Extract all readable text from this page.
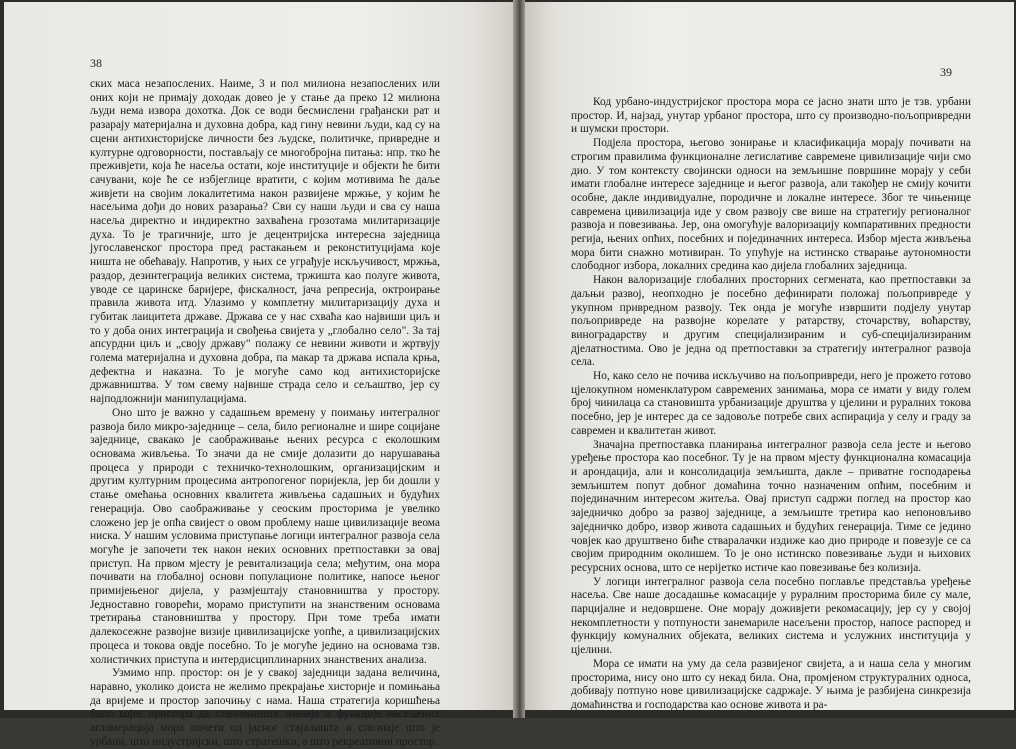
38

ских маса незапослених. Наиме, 3 и пол милиона незапослених или оних који не примају доходак довео је у стање да преко 12 милиона људи нема извора дохотка. Док се води бесмислени грађански рат и разарају материјална и духовна добра, кад гину невини људи, кад су на сцени антихисторијске личности без људске, политичке, привредне и културне одговорности, постављају се многобројна питања: нпр. тко ће преживјети, која ће насеља остати, које институције и објекти ће бити сачувани, које ће се избјеглице вратити, с којим мотивима ће даље живјети на својим локалитетима након развијене мржње, у којим ће насељима дођи до нових разарања? Сви су наши људи и сва су наша насеља директно и индиректно захваћена грозотама милитаризације духа. То је трагичније, што је децентријска интересна заједница југославенског простора пред растакањем и реконституцијама које ништа не обећавају. Напротив, у њих се уграђује искључивост, мржња, раздор, дезинтеграција великих система, тржишта као полуге живота, уводе се царинске баријере, фискалност, јача репресија, октроирање правила живота итд. Улазимо у комплетну милитаризацију духа и губитак лаицитета државе. Држава се у нас схваћа као највиши циљ и то у доба оних интеграција и свођења свијета у „глобално село". За тај апсурдни циљ и „своју државу" полажу се невини животи и жртвују голема материјална и духовна добра, па макар та држава испала крња, дефектна и наказна. То је могуће само код антихисторијске државништва. У том свему највише страда село и сељаштво, јер су најподложнији манипулацијама.

Оно што је важно у садашњем времену у поимању интегралног развоја било микро-заједнице – села, било регионалне и шире социјане заједнице, свакако је саображивање њених ресурса с еколошким основама живљења. То значи да не смије долазити до нарушавања процеса у природи с техничко-технолошким, организацијским и другим културним процесима антропогеног поријекла, јер би дошли у стање омећања основних квалитета живљења садашњих и будућих генерација. Ово саображивање у сеоским просторима је увелико сложено јер је опћа свијест о овом проблему наше цивилизације веома ниска. У нашим условима приступање логици интегралног развоја села могуће је започети тек након неких основних претпоставки за овај приступ. На првом мјесту је ревитализација села; међутим, она мора почивати на глобалној основи популационе политике, напосе њеног примијењеног дијела, у размјештају становништва у простору. Једноставно говорећи, морамо приступити на знанственим основама третирања становништва у простору. При томе треба имати далекосежне развојне визије цивилизацијске уопће, а цивилизацијских процеса и токова овдје посебно. То је могуће једино на основама тзв. холистичких приступа и интердисциплинарних знанствених анализа.

Узмимо нпр. простор: он је у свакој заједници задана величина, наравно, уколико доиста не желимо прекрајање хисторије и помињања да вријеме и простор започињу с нама. Наша стратегија коришћења било којег простора да становништа значаја и функције насељених агломерација мора почети од јасног стајалишта и спознаје што је урбани, што индустријски, што стратешки, а што рекреативни простор.

39

Код урбано-индустријског простора мора се јасно знати што је тзв. урбани простор. И, најзад, унутар урбаног простора, што су производно-пољопривредни и шумски простори.

Подјела простора, његово зонирање и класификација морају почивати на строгим правилима функционалне легислативе савремене цивилизације чији смо дио. У том контексту својински односи на земљишне површине морају у себи имати глобалне интересе заједнице и његог развоја, али такођер не смију кочити особне, дакле индивидуалне, породичне и локалне интересе. Због те чињенице савремена цивилизација иде у свом развоју све више на стратегију регионалног развоја и повезивања. Јер, она омогућује валоризацију компаративних предности регија, њених опћих, посебних и појединачних интереса. Избор мјеста живљења мора бити снажно мотивиран. То упућује на истинско стварање аутономности слободног избора, локалних средина као дијела глобалних заједница.

Након валоризације глобалних просторних сегмената, као претпоставки за даљњи развој, неопходно је посебно дефинирати положај пољопривреде у укупном привредном развоју. Тек онда је могуће извршити подјелу унутар пољопривреде на развојне корелате у ратарству, сточарству, воћарству, виноградарству и другим специјализираним и суб-специјализираним дјелатностима. Ово је једна од претпоставки за стратегију интегралног развоја села.

Но, како село не почива искључиво на пољопривреди, него је прожето готово цјелокупном номенклатуром савремених занимања, мора се имати у виду голем број чинилаца са становишта урбанизације друштва у цјелини и руралних токова посебно, јер је интерес да се задовоље потребе свих аспирација у селу и граду за савремен и квалитетан живот.

Значајна претпоставка планирања интегралног развоја села јесте и његово уређење простора као посебног. Ту је на првом мјесту функционална комасација и арондација, али и консолидација земљишта, дакле – приватне господарења земљиштем попут добног домаћина точно назначеним опћим, посебним и појединачним интересом житеља. Овај приступ садржи поглед на простор као заједничко добро за развој заједнице, а земљиште третира као непоновљиво заједничко добро, извор живота садашњих и будућих генерација. Тиме се једино човјек као друштвено биће стваралачки издиже као дио природе и повезује се са својим природним околишем. То је оно истинско повезивање људи и њихових ресурсних основа, што се нерijетко истиче као повезивање без колизија.

У логици интегралног развоја села посебно поглавље представља уређење насеља. Све наше досадашње комасације у руралним просторима биле су мале, парцијалне и недовршене. Оне морају доживјети рекомасацију, јер су у својој некомплетности у потпуности занемариле насељени простор, напосе распоред и функцију комуналних објеката, великих система и услужних институција у цјелини.

Мора се имати на уму да села развијеног свијета, а и наша села у многим просторима, нису оно што су некад била. Она, промјеном структуралних односа, добивају потпуно нове цивилизацијске садржаје. У њима је разбијена синкрезија домаћинства и господарства као основе живота и ра-
